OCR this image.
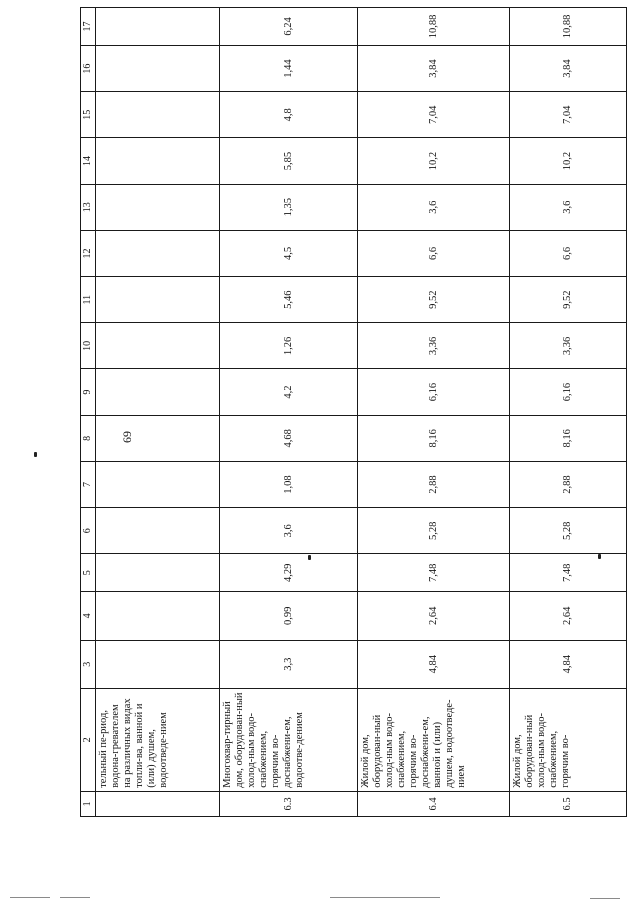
69
1	2	3	4	5	6	7	8	9	10	11	12	13	14	15	16	17
	тельный пе-риод, водона-гревателем на различных видах топли-ва, ванной и (или) душем, водоотведе-нием															
6.3	Многоквар-тирный дом, оборудован-ный холод-ным водо-снабжением, горячим во-доснабжени-ем, водоотве-дением	3,3	0,99	4,29	3,6	1,08	4,68	4,2	1,26	5,46	4,5	1,35	5,85	4,8	1,44	6,24
6.4	Жилой дом, оборудован-ный холод-ным водо-снабжением, горячим во-доснабжени-ем, ванной и (или) душем, водоотведе-нием	4,84	2,64	7,48	5,28	2,88	8,16	6,16	3,36	9,52	6,6	3,6	10,2	7,04	3,84	10,88
6.5	Жилой дом, оборудован-ный холод-ным водо-снабжением, горячим во-	4,84	2,64	7,48	5,28	2,88	8,16	6,16	3,36	9,52	6,6	3,6	10,2	7,04	3,84	10,88
